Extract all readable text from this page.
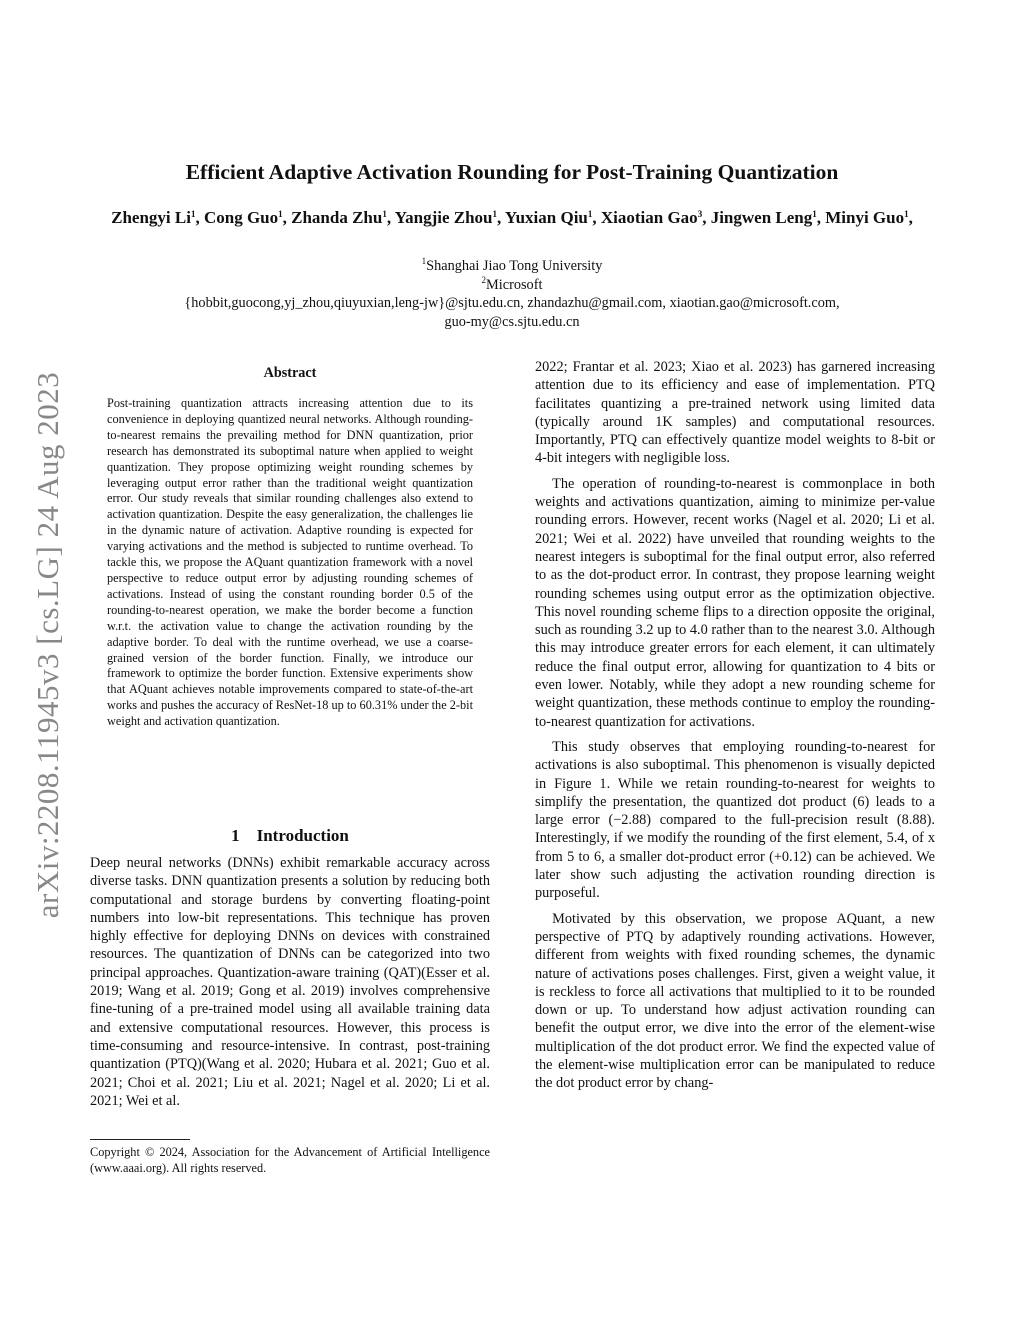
arXiv:2208.11945v3 [cs.LG] 24 Aug 2023
Efficient Adaptive Activation Rounding for Post-Training Quantization
Zhengyi Li$^1$, Cong Guo$^1$, Zhanda Zhu$^1$, Yangjie Zhou$^1$, Yuxian Qiu$^1$, Xiaotian Gao$^3$, Jingwen Leng$^1$, Minyi Guo$^1$,
$^1$Shanghai Jiao Tong University
$^2$Microsoft
{hobbit,guocong,yj_zhou,qiuyuxian,leng-jw}@sjtu.edu.cn, zhandazhu@gmail.com, xiaotian.gao@microsoft.com,
guo-my@cs.sjtu.edu.cn
Abstract
Post-training quantization attracts increasing attention due to its convenience in deploying quantized neural networks. Although rounding-to-nearest remains the prevailing method for DNN quantization, prior research has demonstrated its suboptimal nature when applied to weight quantization. They propose optimizing weight rounding schemes by leveraging output error rather than the traditional weight quantization error. Our study reveals that similar rounding challenges also extend to activation quantization. Despite the easy generalization, the challenges lie in the dynamic nature of activation. Adaptive rounding is expected for varying activations and the method is subjected to runtime overhead. To tackle this, we propose the AQuant quantization framework with a novel perspective to reduce output error by adjusting rounding schemes of activations. Instead of using the constant rounding border 0.5 of the rounding-to-nearest operation, we make the border become a function w.r.t. the activation value to change the activation rounding by the adaptive border. To deal with the runtime overhead, we use a coarse-grained version of the border function. Finally, we introduce our framework to optimize the border function. Extensive experiments show that AQuant achieves notable improvements compared to state-of-the-art works and pushes the accuracy of ResNet-18 up to 60.31% under the 2-bit weight and activation quantization.
1    Introduction

Deep neural networks (DNNs) exhibit remarkable accuracy across diverse tasks. DNN quantization presents a solution by reducing both computational and storage burdens by converting floating-point numbers into low-bit representations. This technique has proven highly effective for deploying DNNs on devices with constrained resources. The quantization of DNNs can be categorized into two principal approaches. Quantization-aware training (QAT)(Esser et al. 2019; Wang et al. 2019; Gong et al. 2019) involves comprehensive fine-tuning of a pre-trained model using all available training data and extensive computational resources. However, this process is time-consuming and resource-intensive. In contrast, post-training quantization (PTQ)(Wang et al. 2020; Hubara et al. 2021; Guo et al. 2021; Choi et al. 2021; Liu et al. 2021; Nagel et al. 2020; Li et al. 2021; Wei et al.

Copyright © 2024, Association for the Advancement of Artificial Intelligence (www.aaai.org). All rights reserved.

2022; Frantar et al. 2023; Xiao et al. 2023) has garnered increasing attention due to its efficiency and ease of implementation. PTQ facilitates quantizing a pre-trained network using limited data (typically around 1K samples) and computational resources. Importantly, PTQ can effectively quantize model weights to 8-bit or 4-bit integers with negligible loss.

The operation of rounding-to-nearest is commonplace in both weights and activations quantization, aiming to minimize per-value rounding errors. However, recent works (Nagel et al. 2020; Li et al. 2021; Wei et al. 2022) have unveiled that rounding weights to the nearest integers is suboptimal for the final output error, also referred to as the dot-product error. In contrast, they propose learning weight rounding schemes using output error as the optimization objective. This novel rounding scheme flips to a direction opposite the original, such as rounding 3.2 up to 4.0 rather than to the nearest 3.0. Although this may introduce greater errors for each element, it can ultimately reduce the final output error, allowing for quantization to 4 bits or even lower. Notably, while they adopt a new rounding scheme for weight quantization, these methods continue to employ the rounding-to-nearest quantization for activations.

This study observes that employing rounding-to-nearest for activations is also suboptimal. This phenomenon is visually depicted in Figure 1. While we retain rounding-to-nearest for weights to simplify the presentation, the quantized dot product (6) leads to a large error (−2.88) compared to the full-precision result (8.88). Interestingly, if we modify the rounding of the first element, 5.4, of x from 5 to 6, a smaller dot-product error (+0.12) can be achieved. We later show such adjusting the activation rounding direction is purposeful.

Motivated by this observation, we propose AQuant, a new perspective of PTQ by adaptively rounding activations. However, different from weights with fixed rounding schemes, the dynamic nature of activations poses challenges. First, given a weight value, it is reckless to force all activations that multiplied to it to be rounded down or up. To understand how adjust activation rounding can benefit the output error, we dive into the error of the element-wise multiplication of the dot product error. We find the expected value of the element-wise multiplication error can be manipulated to reduce the dot product error by chang-
